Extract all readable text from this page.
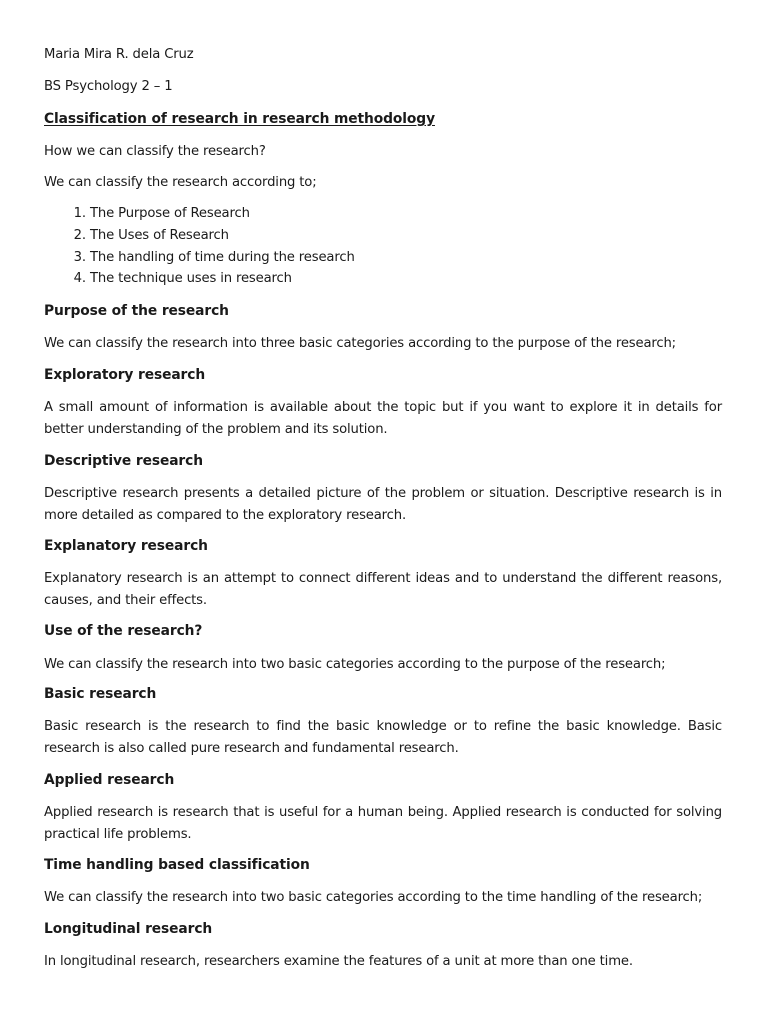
Maria Mira R. dela Cruz
BS Psychology 2 – 1
Classification of research in research methodology
How we can classify the research?
We can classify the research according to;
1. The Purpose of Research
2. The Uses of Research
3. The handling of time during the research
4. The technique uses in research
Purpose of the research
We can classify the research into three basic categories according to the purpose of the research;
Exploratory research
A small amount of information is available about the topic but if you want to explore it in details for better understanding of the problem and its solution.
Descriptive research
Descriptive research presents a detailed picture of the problem or situation. Descriptive research is in more detailed as compared to the exploratory research.
Explanatory research
Explanatory research is an attempt to connect different ideas and to understand the different reasons, causes, and their effects.
Use of the research?
We can classify the research into two basic categories according to the purpose of the research;
Basic research
Basic research is the research to find the basic knowledge or to refine the basic knowledge. Basic research is also called pure research and fundamental research.
Applied research
Applied research is research that is useful for a human being. Applied research is conducted for solving practical life problems.
Time handling based classification
We can classify the research into two basic categories according to the time handling of the research;
Longitudinal research
In longitudinal research, researchers examine the features of a unit at more than one time.
